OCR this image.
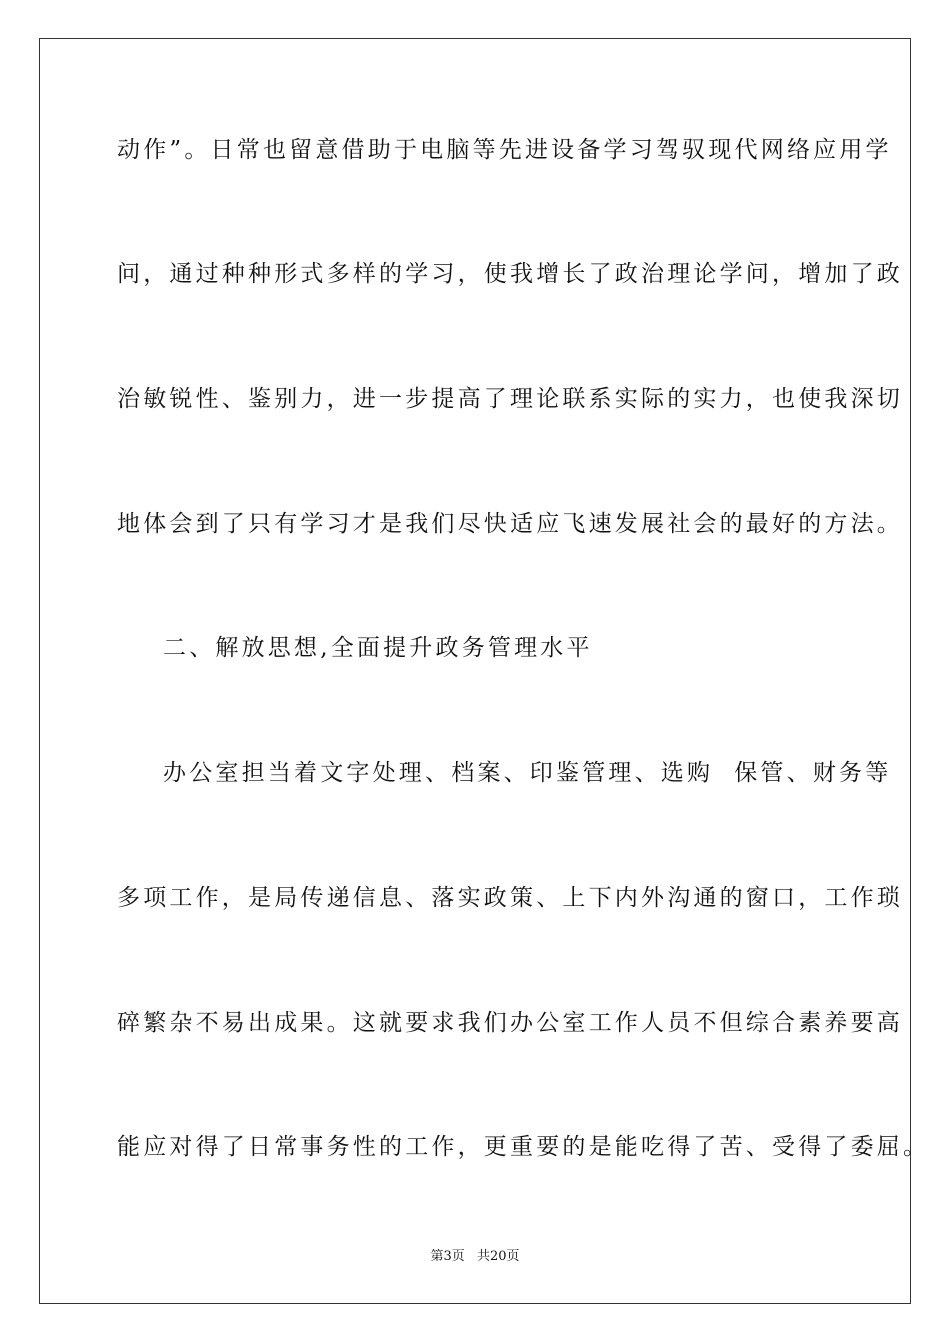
动作”。日常也留意借助于电脑等先进设备学习驾驭现代网络应用学
问，通过种种形式多样的学习，使我增长了政治理论学问，增加了政
治敏锐性、鉴别力，进一步提高了理论联系实际的实力，也使我深切
地体会到了只有学习才是我们尽快适应飞速发展社会的最好的方法。
二、解放思想,全面提升政务管理水平
办公室担当着文字处理、档案、印鉴管理、选购  保管、财务等
多项工作，是局传递信息、落实政策、上下内外沟通的窗口，工作琐
碎繁杂不易出成果。这就要求我们办公室工作人员不但综合素养要高
能应对得了日常事务性的工作，更重要的是能吃得了苦、受得了委屈。
第3页 共20页
